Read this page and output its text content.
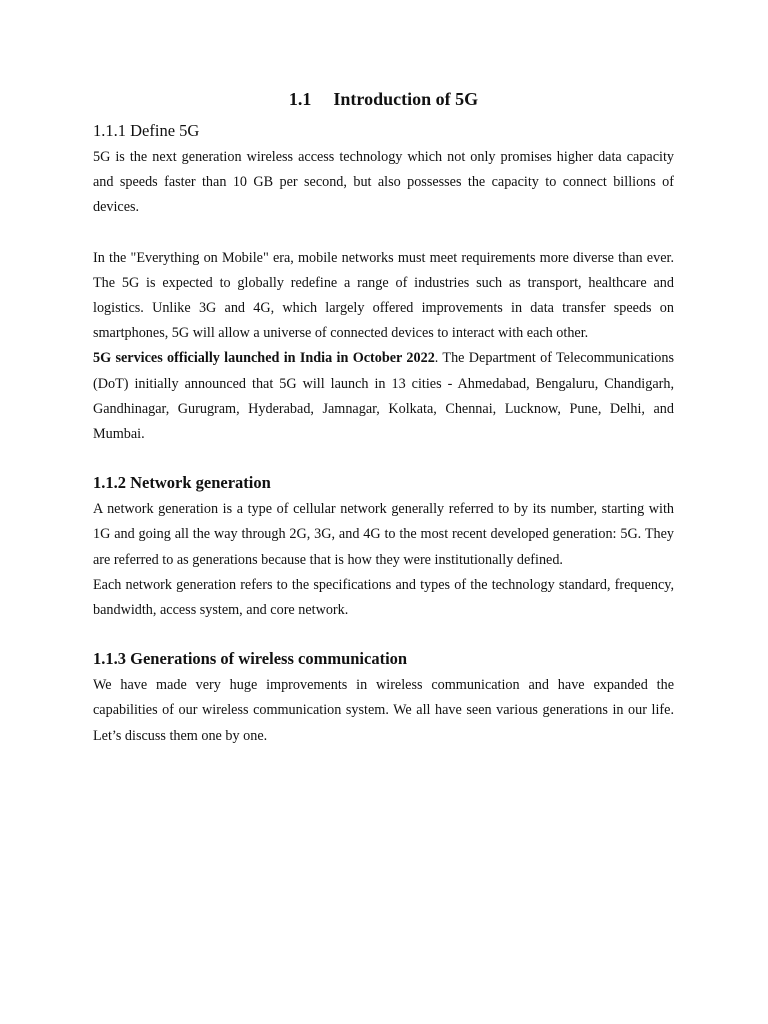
1.1 Introduction of 5G
1.1.1 Define 5G

5G is the next generation wireless access technology which not only promises higher data capacity and speeds faster than 10 GB per second, but also possesses the capacity to connect billions of devices.

In the "Everything on Mobile" era, mobile networks must meet requirements more diverse than ever. The 5G is expected to globally redefine a range of industries such as transport, healthcare and logistics. Unlike 3G and 4G, which largely offered improvements in data transfer speeds on smartphones, 5G will allow a universe of connected devices to interact with each other.

5G services officially launched in India in October 2022. The Department of Telecommunications (DoT) initially announced that 5G will launch in 13 cities - Ahmedabad, Bengaluru, Chandigarh, Gandhinagar, Gurugram, Hyderabad, Jamnagar, Kolkata, Chennai, Lucknow, Pune, Delhi, and Mumbai.

1.1.2 Network generation

A network generation is a type of cellular network generally referred to by its number, starting with 1G and going all the way through 2G, 3G, and 4G to the most recent developed generation: 5G. They are referred to as generations because that is how they were institutionally defined.

Each network generation refers to the specifications and types of the technology standard, frequency, bandwidth, access system, and core network.

1.1.3 Generations of wireless communication

We have made very huge improvements in wireless communication and have expanded the capabilities of our wireless communication system. We all have seen various generations in our life. Let’s discuss them one by one.
